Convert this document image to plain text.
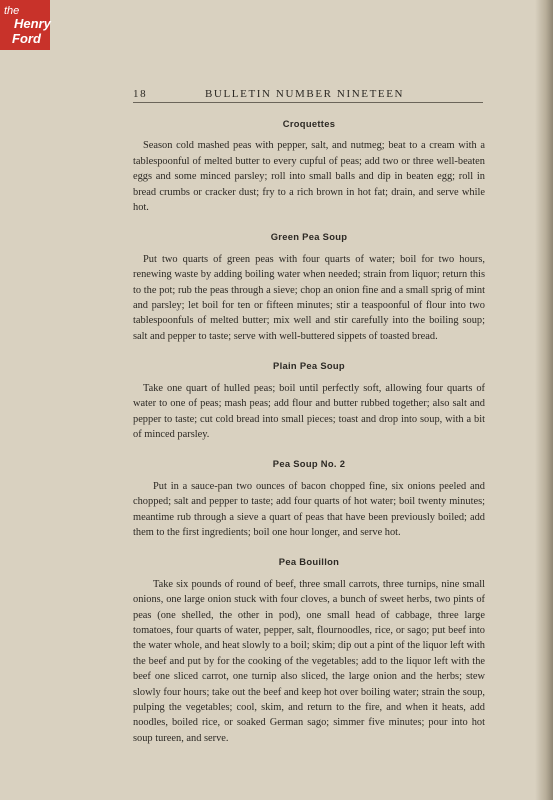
the
Henry
Ford
18	BULLETIN NUMBER NINETEEN
Croquettes

Season cold mashed peas with pepper, salt, and nutmeg; beat to a cream with a tablespoonful of melted butter to every cupful of peas; add two or three well-beaten eggs and some minced parsley; roll into small balls and dip in beaten egg; roll in bread crumbs or cracker dust; fry to a rich brown in hot fat; drain, and serve while hot.

Green Pea Soup

Put two quarts of green peas with four quarts of water; boil for two hours, renewing waste by adding boiling water when needed; strain from liquor; return this to the pot; rub the peas through a sieve; chop an onion fine and a small sprig of mint and parsley; let boil for ten or fifteen minutes; stir a teaspoonful of flour into two tablespoonfuls of melted butter; mix well and stir carefully into the boiling soup; salt and pepper to taste; serve with well-buttered sippets of toasted bread.

Plain Pea Soup

Take one quart of hulled peas; boil until perfectly soft, allowing four quarts of water to one of peas; mash peas; add flour and butter rubbed together; also salt and pepper to taste; cut cold bread into small pieces; toast and drop into soup, with a bit of minced parsley.

Pea Soup No. 2

Put in a sauce-pan two ounces of bacon chopped fine, six onions peeled and chopped; salt and pepper to taste; add four quarts of hot water; boil twenty minutes; meantime rub through a sieve a quart of peas that have been previously boiled; add them to the first ingredients; boil one hour longer, and serve hot.

Pea Bouillon

Take six pounds of round of beef, three small carrots, three turnips, nine small onions, one large onion stuck with four cloves, a bunch of sweet herbs, two pints of peas (one shelled, the other in pod), one small head of cabbage, three large tomatoes, four quarts of water, pepper, salt, flournoodles, rice, or sago; put beef into the water whole, and heat slowly to a boil; skim; dip out a pint of the liquor left with the beef and put by for the cooking of the vegetables; add to the liquor left with the beef one sliced carrot, one turnip also sliced, the large onion and the herbs; stew slowly four hours; take out the beef and keep hot over boiling water; strain the soup, pulping the vegetables; cool, skim, and return to the fire, and when it heats, add noodles, boiled rice, or soaked German sago; simmer five minutes; pour into hot soup tureen, and serve.
